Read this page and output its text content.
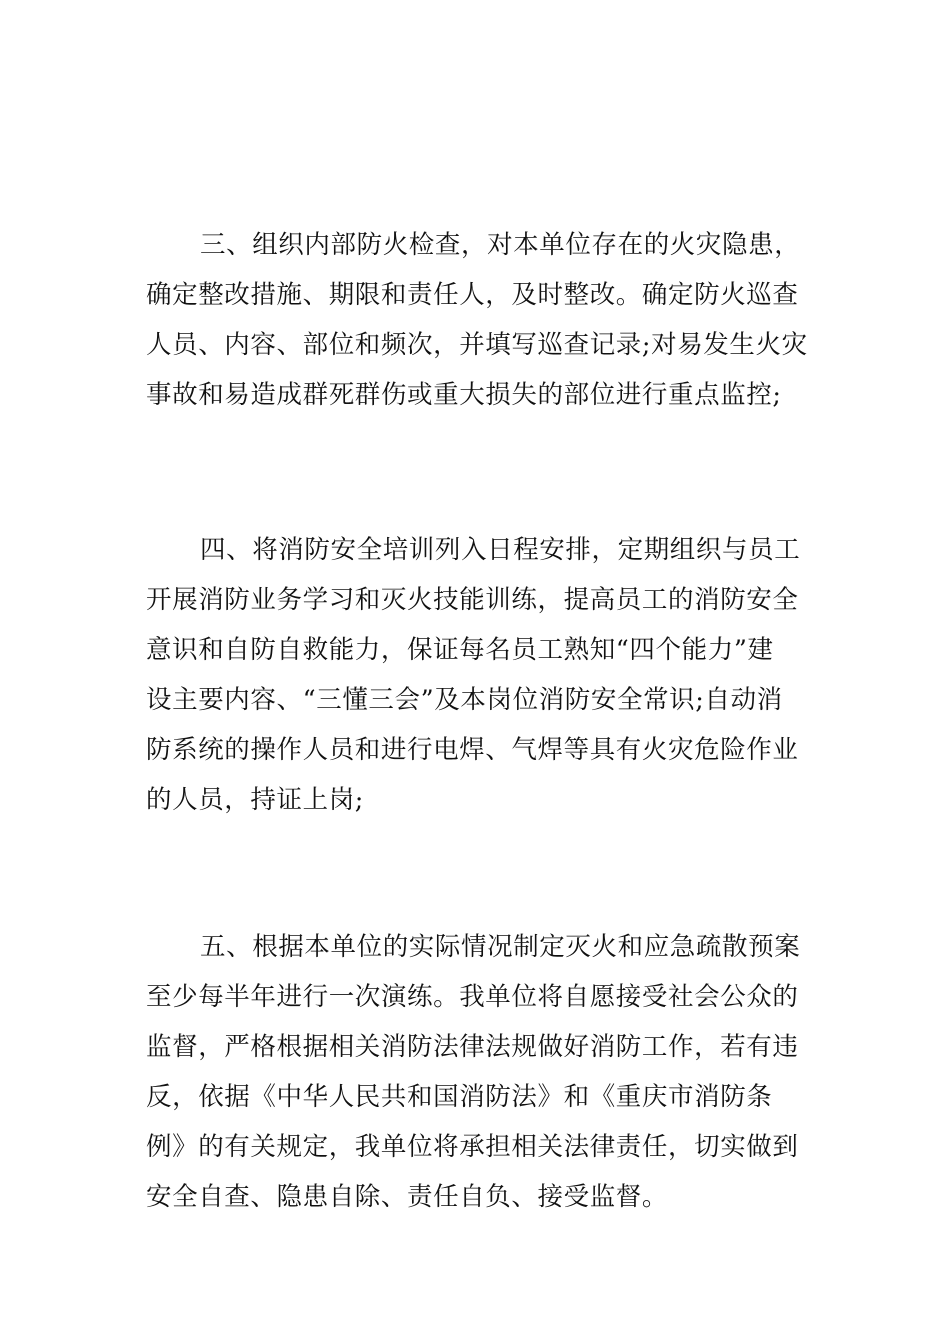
三、组织内部防火检查，对本单位存在的火灾隐患，
确定整改措施、期限和责任人，及时整改。确定防火巡查
人员、内容、部位和频次，并填写巡查记录;对易发生火灾
事故和易造成群死群伤或重大损失的部位进行重点监控;
四、将消防安全培训列入日程安排，定期组织与员工
开展消防业务学习和灭火技能训练，提高员工的消防安全
意识和自防自救能力，保证每名员工熟知“四个能力”建
设主要内容、“三懂三会”及本岗位消防安全常识;自动消
防系统的操作人员和进行电焊、气焊等具有火灾危险作业
的人员，持证上岗;
五、根据本单位的实际情况制定灭火和应急疏散预案
至少每半年进行一次演练。我单位将自愿接受社会公众的
监督，严格根据相关消防法律法规做好消防工作，若有违
反，依据《中华人民共和国消防法》和《重庆市消防条
例》的有关规定，我单位将承担相关法律责任，切实做到
安全自查、隐患自除、责任自负、接受监督。
